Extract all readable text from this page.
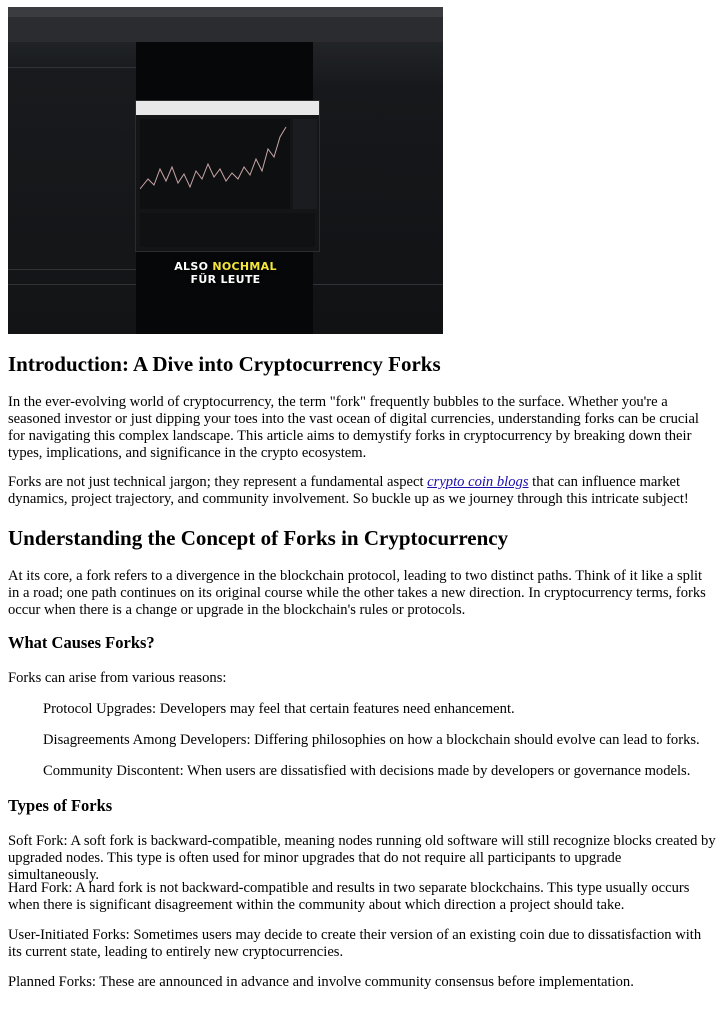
ALSO NOCHMAL
FÜR LEUTE
Introduction: A Dive into Cryptocurrency Forks

In the ever-evolving world of cryptocurrency, the term "fork" frequently bubbles to the surface. Whether you're a seasoned investor or just dipping your toes into the vast ocean of digital currencies, understanding forks can be crucial for navigating this complex landscape. This article aims to demystify forks in cryptocurrency by breaking down their types, implications, and significance in the crypto ecosystem.

Forks are not just technical jargon; they represent a fundamental aspect crypto coin blogs that can influence market dynamics, project trajectory, and community involvement. So buckle up as we journey through this intricate subject!

Understanding the Concept of Forks in Cryptocurrency

At its core, a fork refers to a divergence in the blockchain protocol, leading to two distinct paths. Think of it like a split in a road; one path continues on its original course while the other takes a new direction. In cryptocurrency terms, forks occur when there is a change or upgrade in the blockchain's rules or protocols.

What Causes Forks?

Forks can arise from various reasons:

Protocol Upgrades: Developers may feel that certain features need enhancement.
Disagreements Among Developers: Differing philosophies on how a blockchain should evolve can lead to forks.
Community Discontent: When users are dissatisfied with decisions made by developers or governance models.
Types of Forks

Soft Fork: A soft fork is backward-compatible, meaning nodes running old software will still recognize blocks created by upgraded nodes. This type is often used for minor upgrades that do not require all participants to upgrade simultaneously.

Hard Fork: A hard fork is not backward-compatible and results in two separate blockchains. This type usually occurs when there is significant disagreement within the community about which direction a project should take.

User-Initiated Forks: Sometimes users may decide to create their version of an existing coin due to dissatisfaction with its current state, leading to entirely new cryptocurrencies.

Planned Forks: These are announced in advance and involve community consensus before implementation.
